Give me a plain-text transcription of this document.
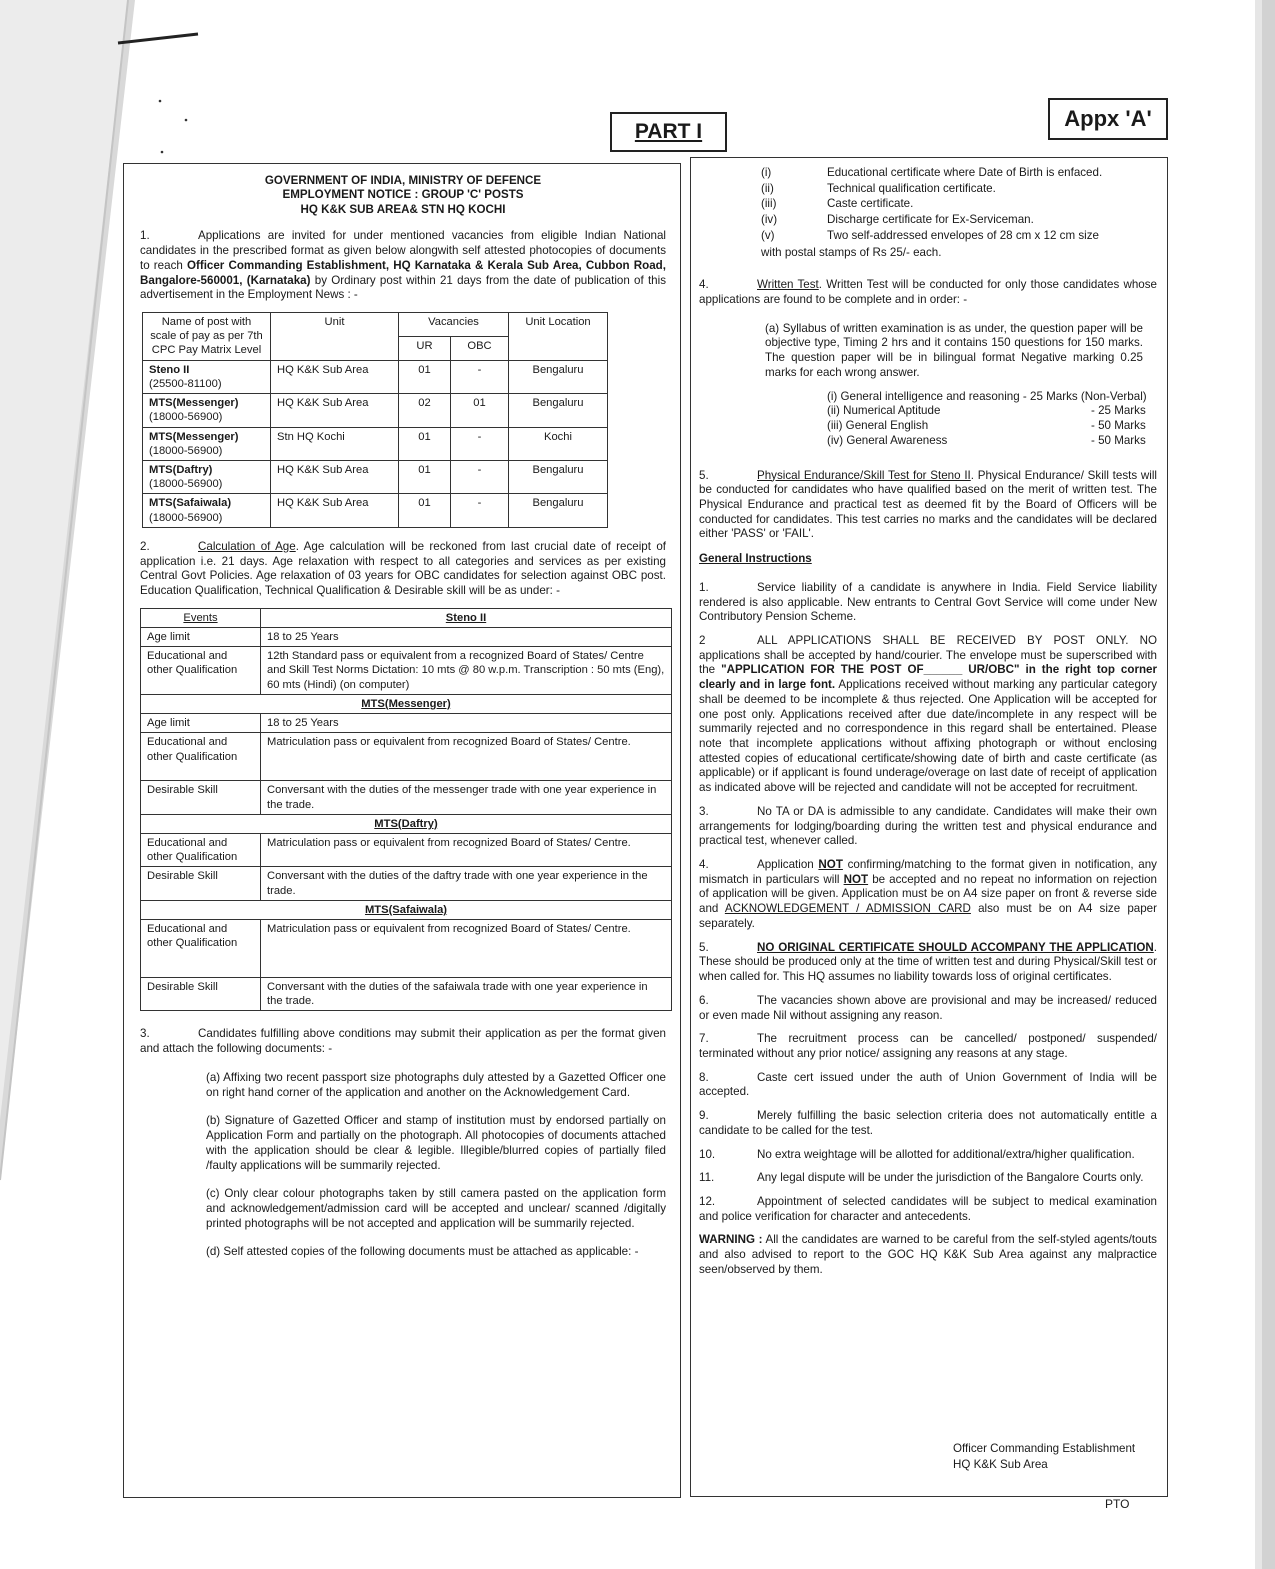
PART I
Appx 'A'
GOVERNMENT OF INDIA, MINISTRY OF DEFENCE
EMPLOYMENT NOTICE : GROUP 'C' POSTS
HQ K&K SUB AREA& STN HQ KOCHI

1.	Applications are invited for under mentioned vacancies from eligible Indian National candidates in the prescribed format as given below alongwith self attested photocopies of documents to reach Officer Commanding Establishment, HQ Karnataka & Kerala Sub Area, Cubbon Road, Bangalore-560001, (Karnataka) by Ordinary post within 21 days from the date of publication of this advertisement in the Employment News : -

Name of post with scale of pay as per 7th CPC Pay Matrix Level	Unit	Vacancies		Unit Location
		UR	OBC	

Steno II
(25500-81100)	HQ K&K Sub Area	01	-	Bengaluru

MTS(Messenger)
(18000-56900)	HQ K&K Sub Area	02	01	Bengaluru

MTS(Messenger)
(18000-56900)	Stn HQ Kochi	01	-	Kochi

MTS(Daftry)
(18000-56900)	HQ K&K Sub Area	01	-	Bengaluru

MTS(Safaiwala)
(18000-56900)	HQ K&K Sub Area	01	-	Bengaluru

2.	Calculation of Age. Age calculation will be reckoned from last crucial date of receipt of application i.e. 21 days. Age relaxation with respect to all categories and services as per existing Central Govt Policies. Age relaxation of 03 years for OBC candidates for selection against OBC post. Education Qualification, Technical Qualification & Desirable skill will be as under: -

Events	Steno II
Age limit	18 to 25 Years
Educational and other Qualification	12th Standard pass or equivalent from a recognized Board of States/ Centre and Skill Test Norms Dictation: 10 mts @ 80 w.p.m. Transcription : 50 mts (Eng), 60 mts (Hindi) (on computer)
MTS(Messenger)	
Age limit	18 to 25 Years
Educational and other Qualification	Matriculation pass or equivalent from recognized Board of States/ Centre.
Desirable Skill	Conversant with the duties of the messenger trade with one year experience in the trade.
MTS(Daftry)	
Educational and other Qualification	Matriculation pass or equivalent from recognized Board of States/ Centre.
Desirable Skill	Conversant with the duties of the daftry trade with one year experience in the trade.
MTS(Safaiwala)	
Educational and other Qualification	Matriculation pass or equivalent from recognized Board of States/ Centre.
Desirable Skill	Conversant with the duties of the safaiwala trade with one year experience in the trade.

3.	Candidates fulfilling above conditions may submit their application as per the format given and attach the following documents: -

(a) Affixing two recent passport size photographs duly attested by a Gazetted Officer one on right hand corner of the application and another on the Acknowledgement Card.

(b) Signature of Gazetted Officer and stamp of institution must by endorsed partially on Application Form and partially on the photograph. All photocopies of documents attached with the application should be clear & legible. Illegible/blurred copies of partially filed /faulty applications will be summarily rejected.

(c) Only clear colour photographs taken by still camera pasted on the application form and acknowledgement/admission card will be accepted and unclear/ scanned /digitally printed photographs will be not accepted and application will be summarily rejected.

(d) Self attested copies of the following documents must be attached as applicable: -

(i)	Educational certificate where Date of Birth is enfaced.
(ii)	Technical qualification certificate.
(iii)	Caste certificate.
(iv)	Discharge certificate for Ex-Serviceman.
(v)	Two self-addressed envelopes of 28 cm x 12 cm size

with postal stamps of Rs 25/- each.

4.	Written Test. Written Test will be conducted for only those candidates whose applications are found to be complete and in order: -

(a) Syllabus of written examination is as under, the question paper will be objective type, Timing 2 hrs and it contains 150 questions for 150 marks. The question paper will be in bilingual format Negative marking 0.25 marks for each wrong answer.

(i) General intelligence and reasoning - 25 Marks (Non-Verbal)
(ii) Numerical Aptitude	- 25 Marks
(iii) General English	- 50 Marks
(iv) General Awareness	- 50 Marks

5.	Physical Endurance/Skill Test for Steno II. Physical Endurance/ Skill tests will be conducted for candidates who have qualified based on the merit of written test. The Physical Endurance and practical test as deemed fit by the Board of Officers will be conducted for candidates. This test carries no marks and the candidates will be declared either 'PASS' or 'FAIL'.

General Instructions

1.	Service liability of a candidate is anywhere in India. Field Service liability rendered is also applicable. New entrants to Central Govt Service will come under New Contributory Pension Scheme.

2	ALL APPLICATIONS SHALL BE RECEIVED BY POST ONLY. NO applications shall be accepted by hand/courier. The envelope must be superscribed with the "APPLICATION FOR THE POST OF______ UR/OBC" in the right top corner clearly and in large font. Applications received without marking any particular category shall be deemed to be incomplete & thus rejected. One Application will be accepted for one post only. Applications received after due date/incomplete in any respect will be summarily rejected and no correspondence in this regard shall be entertained. Please note that incomplete applications without affixing photograph or without enclosing attested copies of educational certificate/showing date of birth and caste certificate (as applicable) or if applicant is found underage/overage on last date of receipt of application as indicated above will be rejected and candidate will not be accepted for recruitment.

3.	No TA or DA is admissible to any candidate. Candidates will make their own arrangements for lodging/boarding during the written test and physical endurance and practical test, whenever called.

4.	Application NOT confirming/matching to the format given in notification, any mismatch in particulars will NOT be accepted and no repeat no information on rejection of application will be given. Application must be on A4 size paper on front & reverse side and ACKNOWLEDGEMENT / ADMISSION CARD also must be on A4 size paper separately.

5.	NO ORIGINAL CERTIFICATE SHOULD ACCOMPANY THE APPLICATION. These should be produced only at the time of written test and during Physical/Skill test or when called for. This HQ assumes no liability towards loss of original certificates.

6.	The vacancies shown above are provisional and may be increased/ reduced or even made Nil without assigning any reason.

7.	The recruitment process can be cancelled/ postponed/ suspended/ terminated without any prior notice/ assigning any reasons at any stage.

8.	Caste cert issued under the auth of Union Government of India will be accepted.

9.	Merely fulfilling the basic selection criteria does not automatically entitle a candidate to be called for the test.

10.	No extra weightage will be allotted for additional/extra/higher qualification.

11.	Any legal dispute will be under the jurisdiction of the Bangalore Courts only.

12.	Appointment of selected candidates will be subject to medical examination and police verification for character and antecedents.

WARNING : All the candidates are warned to be careful from the self-styled agents/touts and also advised to report to the GOC HQ K&K Sub Area against any malpractice seen/observed by them.

Officer Commanding Establishment
HQ K&K Sub Area
PTO
